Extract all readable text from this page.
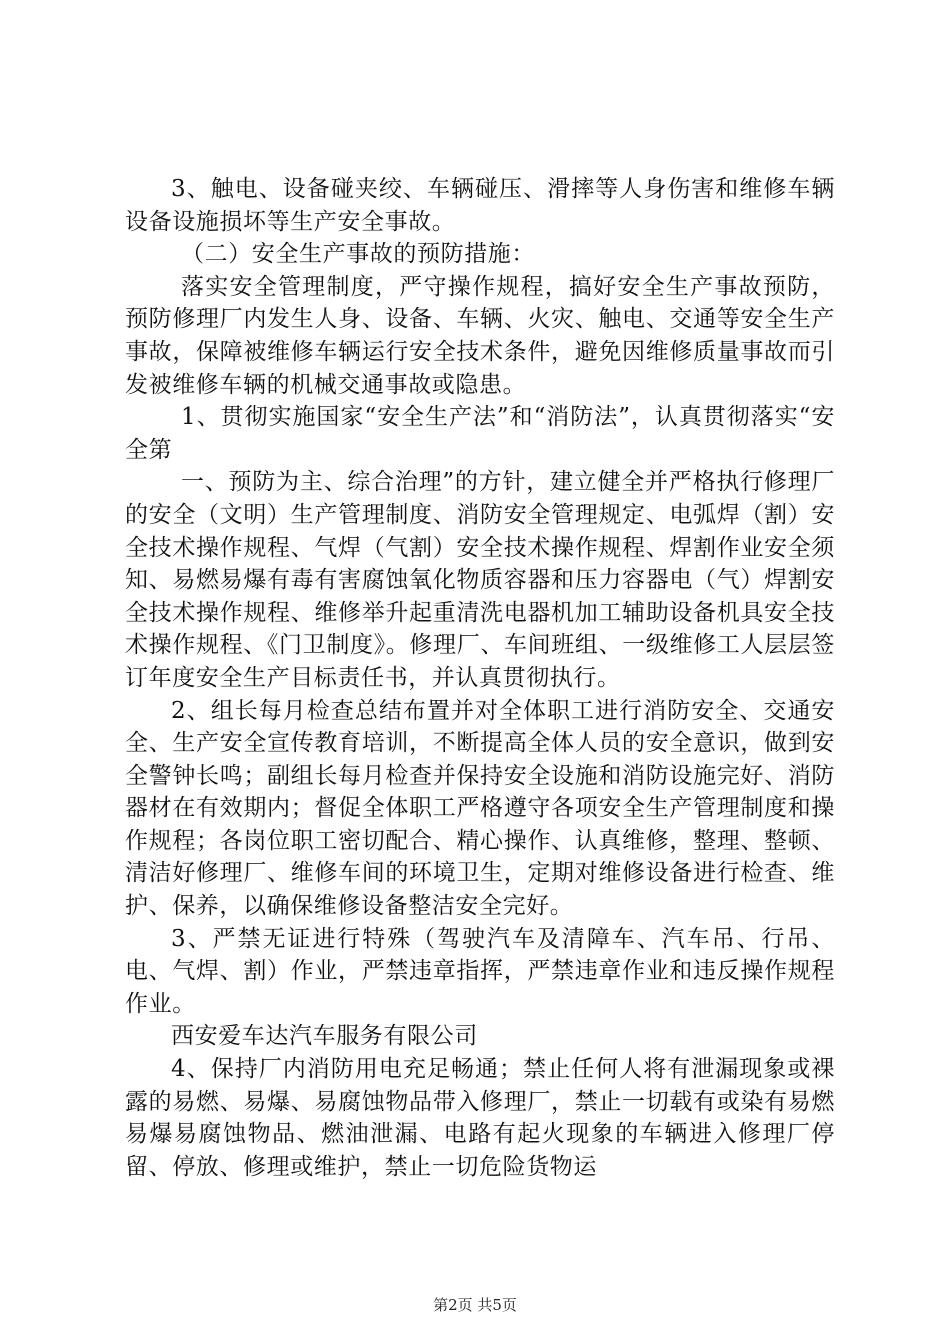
3、触电、设备碰夹绞、车辆碰压、滑摔等人身伤害和维修车辆设备设施损坏等生产安全事故。

（二）安全生产事故的预防措施：

落实安全管理制度，严守操作规程，搞好安全生产事故预防，预防修理厂内发生人身、设备、车辆、火灾、触电、交通等安全生产事故，保障被维修车辆运行安全技术条件，避免因维修质量事故而引发被维修车辆的机械交通事故或隐患。

1、贯彻实施国家“安全生产法”和“消防法”，认真贯彻落实“安全第

一、预防为主、综合治理”的方针，建立健全并严格执行修理厂的安全（文明）生产管理制度、消防安全管理规定、电弧焊（割）安全技术操作规程、气焊（气割）安全技术操作规程、焊割作业安全须知、易燃易爆有毒有害腐蚀氧化物质容器和压力容器电（气）焊割安全技术操作规程、维修举升起重清洗电器机加工辅助设备机具安全技术操作规程、《门卫制度》。修理厂、车间班组、一级维修工人层层签订年度安全生产目标责任书，并认真贯彻执行。

2、组长每月检查总结布置并对全体职工进行消防安全、交通安全、生产安全宣传教育培训，不断提高全体人员的安全意识，做到安全警钟长鸣；副组长每月检查并保持安全设施和消防设施完好、消防器材在有效期内；督促全体职工严格遵守各项安全生产管理制度和操作规程；各岗位职工密切配合、精心操作、认真维修，整理、整顿、清洁好修理厂、维修车间的环境卫生，定期对维修设备进行检查、维护、保养，以确保维修设备整洁安全完好。

3、严禁无证进行特殊（驾驶汽车及清障车、汽车吊、行吊、电、气焊、割）作业，严禁违章指挥，严禁违章作业和违反操作规程作业。

西安爱车达汽车服务有限公司

4、保持厂内消防用电充足畅通；禁止任何人将有泄漏现象或裸露的易燃、易爆、易腐蚀物品带入修理厂，禁止一切载有或染有易燃易爆易腐蚀物品、燃油泄漏、电路有起火现象的车辆进入修理厂停留、停放、修理或维护，禁止一切危险货物运

第2页 共5页
